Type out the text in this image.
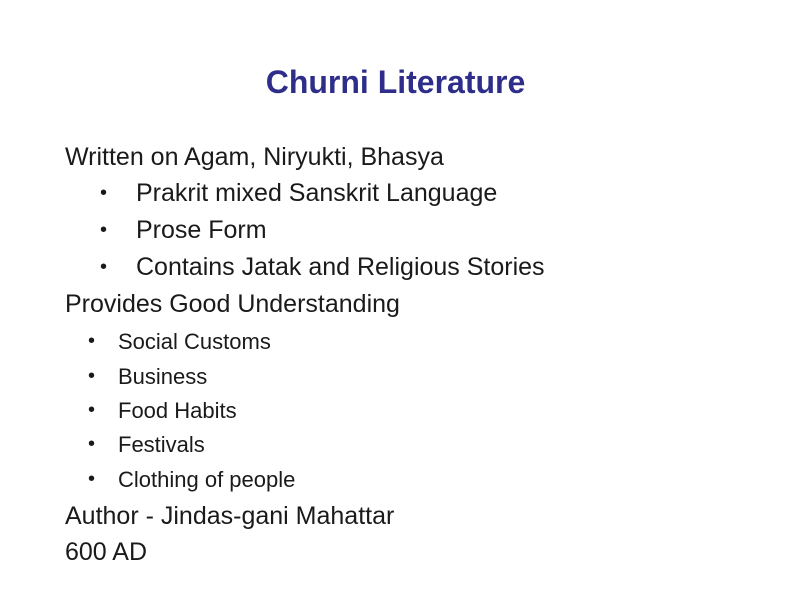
Churni Literature
Written on Agam, Niryukti, Bhasya
• Prakrit mixed Sanskrit Language
• Prose Form
• Contains Jatak and Religious Stories
Provides Good Understanding
• Social Customs
• Business
• Food Habits
• Festivals
• Clothing of people
Author - Jindas-gani Mahattar
600 AD
